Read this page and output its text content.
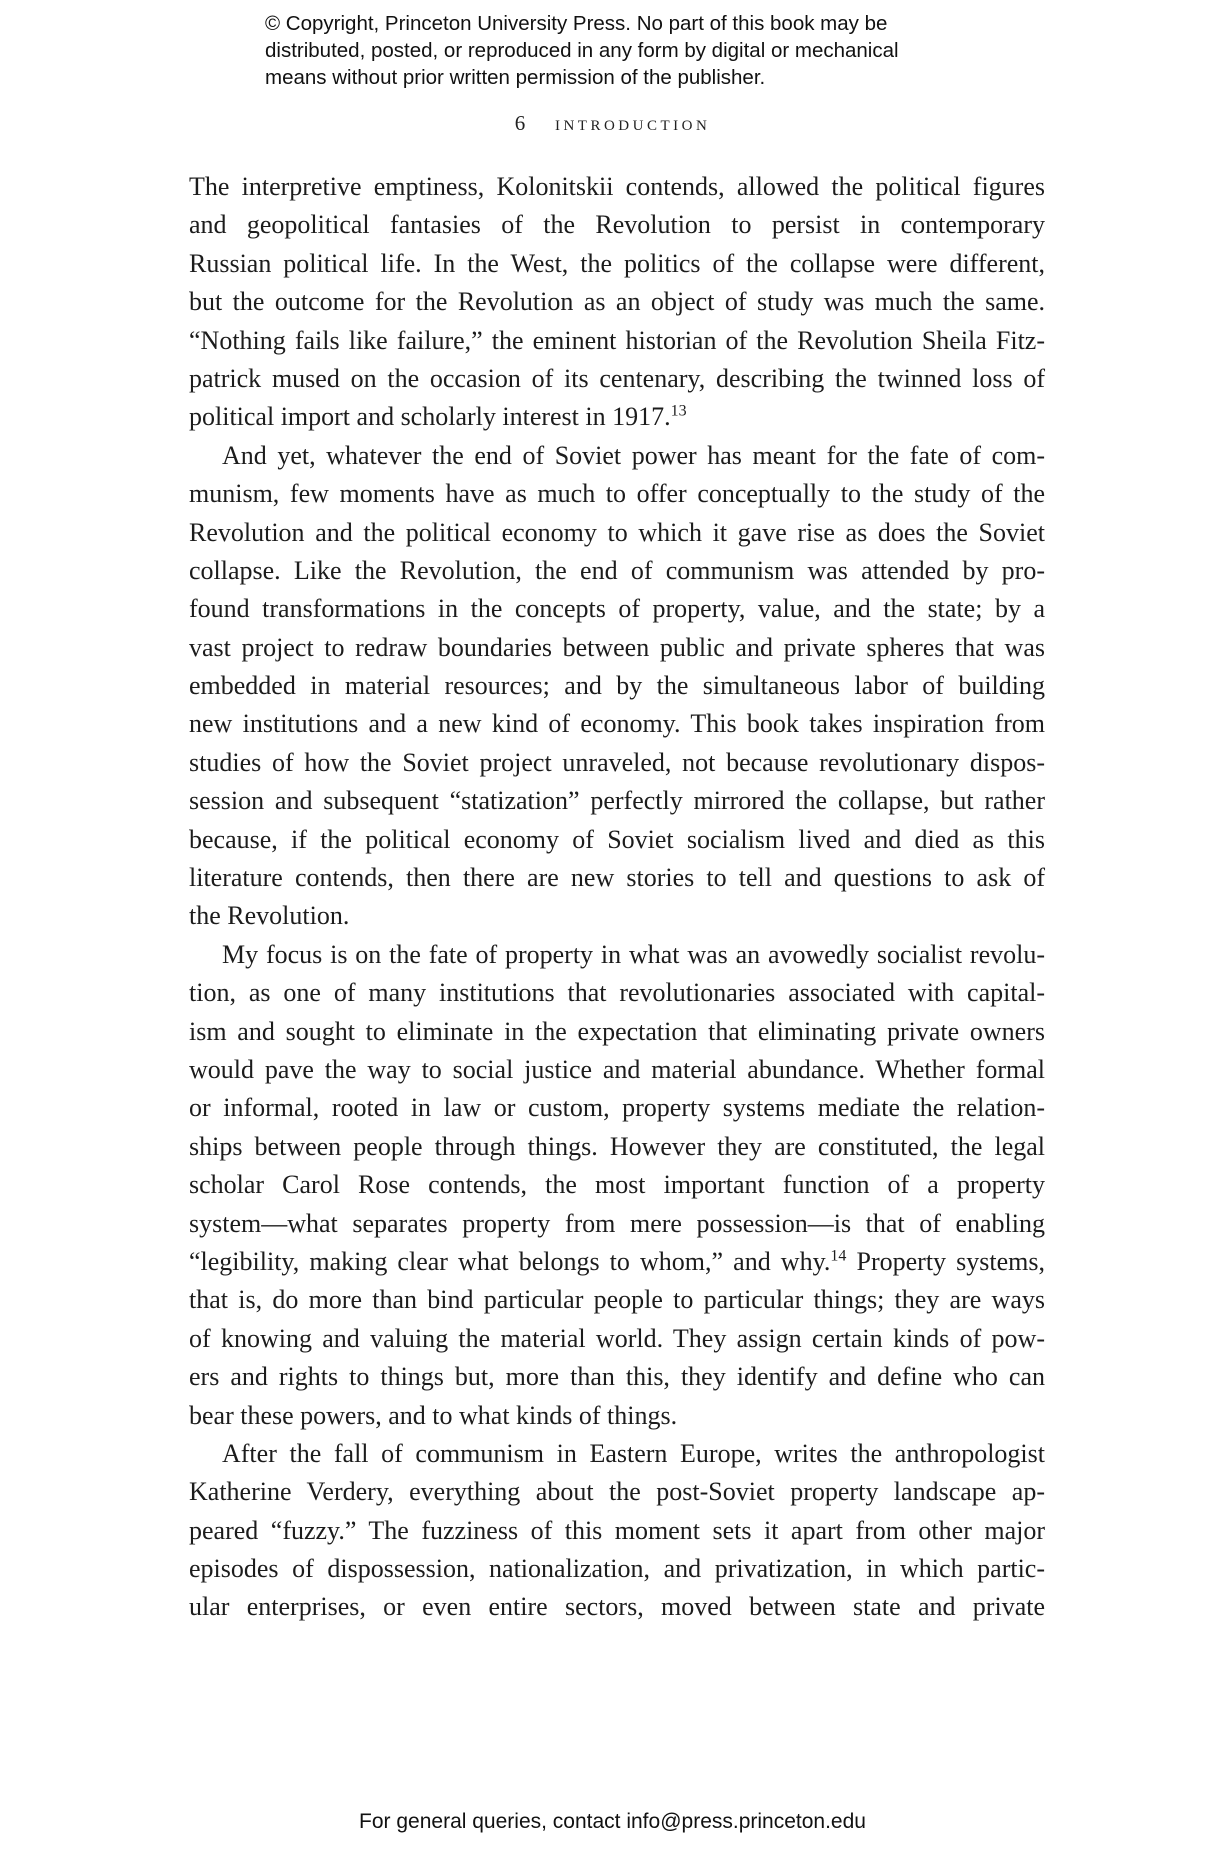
© Copyright, Princeton University Press. No part of this book may be
distributed, posted, or reproduced in any form by digital or mechanical
means without prior written permission of the publisher.
6 introduction
The interpretive emptiness, Kolonitskii contends, allowed the political figures
and geopolitical fantasies of the Revolution to persist in contemporary
Russian political life. In the West, the politics of the collapse were different,
but the outcome for the Revolution as an object of study was much the same.
“Nothing fails like failure,” the eminent historian of the Revolution Sheila Fitz-
patrick mused on the occasion of its centenary, describing the twinned loss of
political import and scholarly interest in 1917.13
And yet, whatever the end of Soviet power has meant for the fate of com-
munism, few moments have as much to offer conceptually to the study of the
Revolution and the political economy to which it gave rise as does the Soviet
collapse. Like the Revolution, the end of communism was attended by pro-
found transformations in the concepts of property, value, and the state; by a
vast project to redraw boundaries between public and private spheres that was
embedded in material resources; and by the simultaneous labor of building
new institutions and a new kind of economy. This book takes inspiration from
studies of how the Soviet project unraveled, not because revolutionary dispos-
session and subsequent “statization” perfectly mirrored the collapse, but rather
because, if the political economy of Soviet socialism lived and died as this
literature contends, then there are new stories to tell and questions to ask of
the Revolution.
My focus is on the fate of property in what was an avowedly socialist revolu-
tion, as one of many institutions that revolutionaries associated with capital-
ism and sought to eliminate in the expectation that eliminating private owners
would pave the way to social justice and material abundance. Whether formal
or informal, rooted in law or custom, property systems mediate the relation-
ships between people through things. However they are constituted, the legal
scholar Carol Rose contends, the most important function of a property
system—what separates property from mere possession—is that of enabling
“legibility, making clear what belongs to whom,” and why.$^{14}$ Property systems,
that is, do more than bind particular people to particular things; they are ways
of knowing and valuing the material world. They assign certain kinds of pow-
ers and rights to things but, more than this, they identify and define who can
bear these powers, and to what kinds of things.
After the fall of communism in Eastern Europe, writes the anthropologist
Katherine Verdery, everything about the post-Soviet property landscape ap-
peared “fuzzy.” The fuzziness of this moment sets it apart from other major
episodes of dispossession, nationalization, and privatization, in which partic-
ular enterprises, or even entire sectors, moved between state and private
For general queries, contact info@press.princeton.edu
